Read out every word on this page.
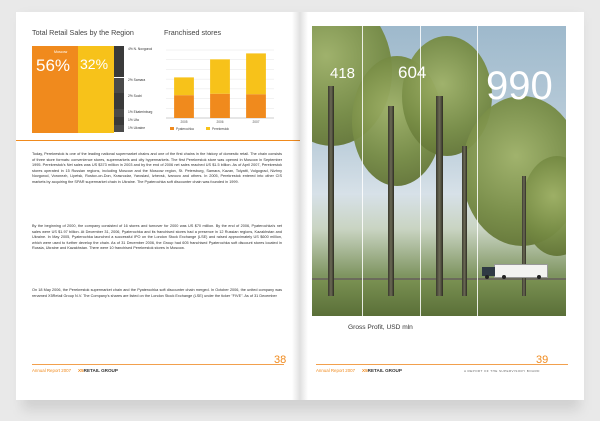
Total Retail Sales by the Region
Moscow
56% 32%
4% N. Novgorod
2% Samara
2% Sochi
1% Ekaterinburg
1% Ufa
1% Ukraine
Franchised stores
2005	2006	2007
Pyaterochka	Perekrestok
Today, Perekrestok is one of the leading national supermarket chains and one of the first chains in the history of domestic retail. The chain consists of three store formats: convenience stores, supermarkets and city hypermarkets. The first Perekrestok store was opened in Moscow in September 1995. Perekrestok's Net sales was US $373 million in 2003 and by the end of 2006 net sales reached US $1.5 billion. As of April 2007, Perekrestok stores operated in 15 Russian regions, including Moscow and the Moscow region, St. Petersburg, Samara, Kazan, Tolyatti, Volgograd, Nizhny Novgorod, Voronezh, Lipetsk, Rostov-on-Don, Krasnodar, Yaroslavl, Izhevsk, Ivanovo and others. In 2005, Perekrestok entered into other CIS markets by acquiring the SPAR supermarket chain in Ukraine. The Pyaterochka soft discounter chain was founded in 1999.
By the beginning of 2000, the company consisted of 16 stores and turnover for 2000 was US $70 million. By the end of 2006, Pyaterochka's net sales were US $1.97 billion. At December 31, 2006, Pyaterochka and its franchised stores had a presence in 12 Russian regions, Kazakhstan and Ukraine. In May 2005, Pyaterochka launched a successful IPO on the London Stock Exchange (LSE) and raised approximately US $600 million, which were used to further develop the chain. As of 31 December 2006, the Group had 605 franchised Pyaterochka soft discount stores located in Russia, Ukraine and Kazakhstan. There were 10 franchised Perekrestok stores in Moscow.
On 18 May 2006, the Perekrestok supermarket chain and the Pyaterochka soft discounter chain merged. In October 2006, the united company was renamed X5Retail Group N.V. The Company's shares are listed on the London Stock Exchange (LSE) under the ticker "FIVE". As of 31 December
Annual Report 2007 X5RETAIL GROUP
38
418	604 990
Gross Profit, USD mln
Annual Report 2007 X5RETAIL GROUP	A REPORT OF THE SUPERVISORY BOARD
39
